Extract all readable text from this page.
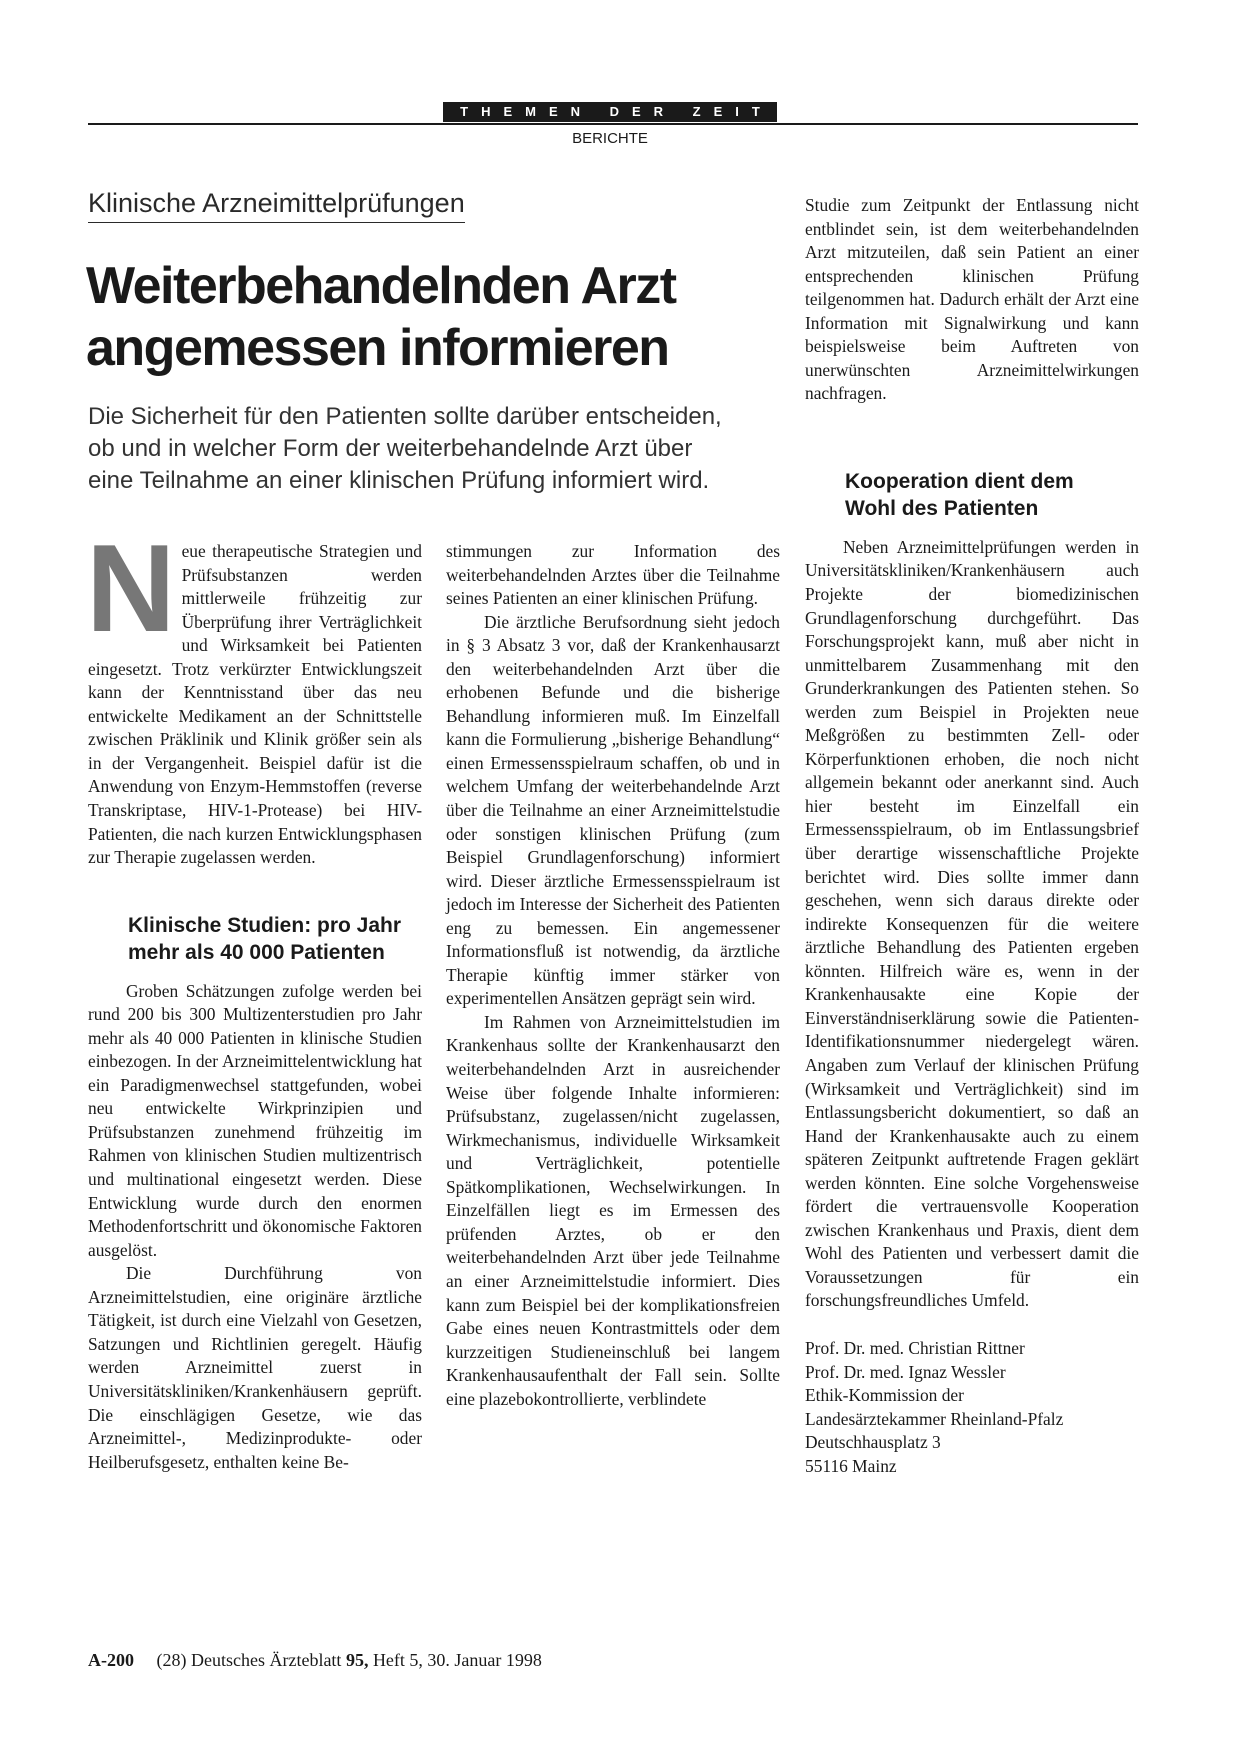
THEMEN DER ZEIT
BERICHTE
Klinische Arzneimittelprüfungen
Weiterbehandelnden Arzt
angemessen informieren
Die Sicherheit für den Patienten sollte darüber entscheiden,
ob und in welcher Form der weiterbehandelnde Arzt über
eine Teilnahme an einer klinischen Prüfung informiert wird.

Neue therapeutische Strategien und Prüfsubstanzen werden mittlerweile frühzeitig zur Überprüfung ihrer Verträglichkeit und Wirksamkeit bei Patienten eingesetzt. Trotz verkürzter Entwicklungszeit kann der Kenntnisstand über das neu entwickelte Medikament an der Schnittstelle zwischen Präklinik und Klinik größer sein als in der Vergangenheit. Beispiel dafür ist die Anwendung von Enzym-Hemmstoffen (reverse Transkriptase, HIV-1-Protease) bei HIV-Patienten, die nach kurzen Entwicklungsphasen zur Therapie zugelassen werden.

Klinische Studien: pro Jahr
mehr als 40 000 Patienten

Groben Schätzungen zufolge werden bei rund 200 bis 300 Multizenterstudien pro Jahr mehr als 40 000 Patienten in klinische Studien einbezogen. In der Arzneimittelentwicklung hat ein Paradigmenwechsel stattgefunden, wobei neu entwickelte Wirkprinzipien und Prüfsubstanzen zunehmend frühzeitig im Rahmen von klinischen Studien multizentrisch und multinational eingesetzt werden. Diese Entwicklung wurde durch den enormen Methodenfortschritt und ökonomische Faktoren ausgelöst.

Die Durchführung von Arzneimittelstudien, eine originäre ärztliche Tätigkeit, ist durch eine Vielzahl von Gesetzen, Satzungen und Richtlinien geregelt. Häufig werden Arzneimittel zuerst in Universitätskliniken/Krankenhäusern geprüft. Die einschlägigen Gesetze, wie das Arzneimittel-, Medizinprodukte- oder Heilberufsgesetz, enthalten keine Be-

stimmungen zur Information des weiterbehandelnden Arztes über die Teilnahme seines Patienten an einer klinischen Prüfung.

Die ärztliche Berufsordnung sieht jedoch in § 3 Absatz 3 vor, daß der Krankenhausarzt den weiterbehandelnden Arzt über die erhobenen Befunde und die bisherige Behandlung informieren muß. Im Einzelfall kann die Formulierung „bisherige Behandlung“ einen Ermessensspielraum schaffen, ob und in welchem Umfang der weiterbehandelnde Arzt über die Teilnahme an einer Arzneimittelstudie oder sonstigen klinischen Prüfung (zum Beispiel Grundlagenforschung) informiert wird. Dieser ärztliche Ermessensspielraum ist jedoch im Interesse der Sicherheit des Patienten eng zu bemessen. Ein angemessener Informationsfluß ist notwendig, da ärztliche Therapie künftig immer stärker von experimentellen Ansätzen geprägt sein wird.

Im Rahmen von Arzneimittelstudien im Krankenhaus sollte der Krankenhausarzt den weiterbehandelnden Arzt in ausreichender Weise über folgende Inhalte informieren: Prüfsubstanz, zugelassen/nicht zugelassen, Wirkmechanismus, individuelle Wirksamkeit und Verträglichkeit, potentielle Spätkomplikationen, Wechselwirkungen. In Einzelfällen liegt es im Ermessen des prüfenden Arztes, ob er den weiterbehandelnden Arzt über jede Teilnahme an einer Arzneimittelstudie informiert. Dies kann zum Beispiel bei der komplikationsfreien Gabe eines neuen Kontrastmittels oder dem kurzzeitigen Studieneinschluß bei langem Krankenhausaufenthalt der Fall sein. Sollte eine plazebokontrollierte, verblindete

Studie zum Zeitpunkt der Entlassung nicht entblindet sein, ist dem weiterbehandelnden Arzt mitzuteilen, daß sein Patient an einer entsprechenden klinischen Prüfung teilgenommen hat. Dadurch erhält der Arzt eine Information mit Signalwirkung und kann beispielsweise beim Auftreten von unerwünschten Arzneimittelwirkungen nachfragen.

Kooperation dient dem
Wohl des Patienten

Neben Arzneimittelprüfungen werden in Universitätskliniken/Krankenhäusern auch Projekte der biomedizinischen Grundlagenforschung durchgeführt. Das Forschungsprojekt kann, muß aber nicht in unmittelbarem Zusammenhang mit den Grunderkrankungen des Patienten stehen. So werden zum Beispiel in Projekten neue Meßgrößen zu bestimmten Zell- oder Körperfunktionen erhoben, die noch nicht allgemein bekannt oder anerkannt sind. Auch hier besteht im Einzelfall ein Ermessensspielraum, ob im Entlassungsbrief über derartige wissenschaftliche Projekte berichtet wird. Dies sollte immer dann geschehen, wenn sich daraus direkte oder indirekte Konsequenzen für die weitere ärztliche Behandlung des Patienten ergeben könnten. Hilfreich wäre es, wenn in der Krankenhausakte eine Kopie der Einverständniserklärung sowie die Patienten-Identifikationsnummer niedergelegt wären. Angaben zum Verlauf der klinischen Prüfung (Wirksamkeit und Verträglichkeit) sind im Entlassungsbericht dokumentiert, so daß an Hand der Krankenhausakte auch zu einem späteren Zeitpunkt auftretende Fragen geklärt werden könnten. Eine solche Vorgehensweise fördert die vertrauensvolle Kooperation zwischen Krankenhaus und Praxis, dient dem Wohl des Patienten und verbessert damit die Voraussetzungen für ein forschungsfreundliches Umfeld.

Prof. Dr. med. Christian Rittner
Prof. Dr. med. Ignaz Wessler
Ethik-Kommission der
Landesärztekammer Rheinland-Pfalz
Deutschhausplatz 3
55116 Mainz
A-200 (28) Deutsches Ärzteblatt 95, Heft 5, 30. Januar 1998
